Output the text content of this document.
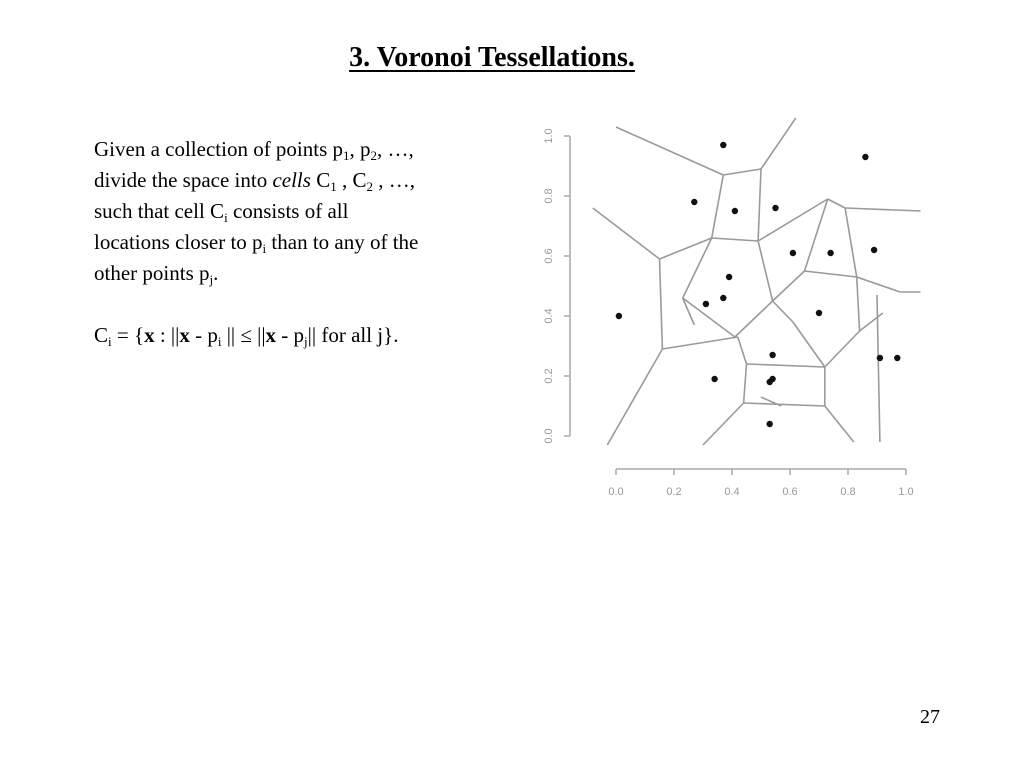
3. Voronoi Tessellations.

Given a collection of points $p_1$, $p_2$, …,

divide the space into cells $C_1$ , $C_2$ , …,

such that cell $C_i$ consists of all

locations closer to $p_i$ than to any of the

other points $p_j$.

$C_i = \{x$ : $||x - p_i$ || ≤ $||x - p_j||$ for all j}.

0.0	0.2	0.4	0.6	0.8	1.0
0.0
0.2
0.4
0.6
0.8
1.0
27
